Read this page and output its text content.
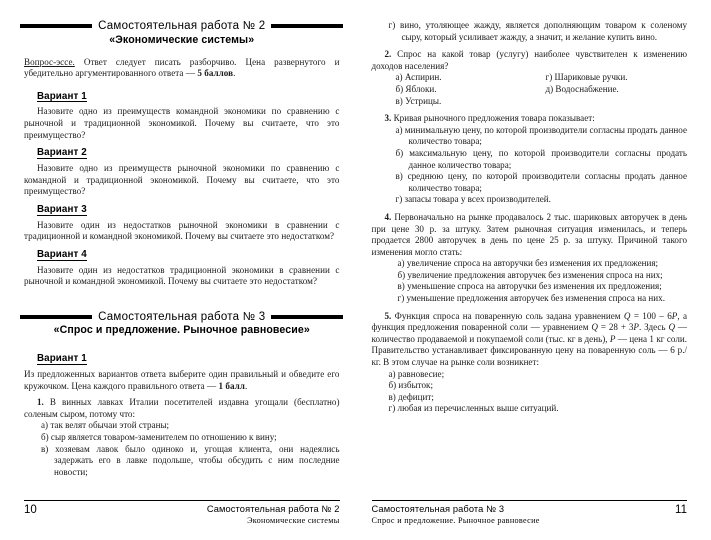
Самостоятельная работа № 2
«Экономические системы»

Вопрос-эссе. Ответ следует писать разборчиво. Цена развернутого и убедительно аргументированного ответа — 5 баллов.

Вариант 1

Назовите одно из преимуществ командной экономики по сравнению с рыночной и традиционной экономикой. Почему вы считаете, что это преимущество?

Вариант 2

Назовите одно из преимуществ рыночной экономики по сравнению с командной и традиционной экономикой. Почему вы считаете, что это преимущество?

Вариант 3

Назовите один из недостатков рыночной экономики в сравнении с традиционной и командной экономикой. Почему вы считаете это недостатком?

Вариант 4

Назовите один из недостатков традиционной экономики в сравнении с рыночной и командной экономикой. Почему вы считаете это недостатком?

Самостоятельная работа № 3
«Спрос и предложение. Рыночное равновесие»
Вариант 1

Из предложенных вариантов ответа выберите один правильный и обведите его кружочком. Цена каждого правильного ответа — 1 балл.

1. В винных лавках Италии посетителей издавна угощали (бесплатно) соленым сыром, потому что:

а) так велят обычаи этой страны;
б) сыр является товаром-заменителем по отношению к вину;
в) хозяевам лавок было одиноко и, угощая клиента, они надеялись задержать его в лавке подольше, чтобы обсудить с ним последние новости;
10	Самостоятельная работа № 2
Экономические системы
г) вино, утоляющее жажду, является дополняющим товаром к соленому сыру, который усиливает жажду, а значит, и желание купить вино.

2. Спрос на какой товар (услугу) наиболее чувствителен к изменению доходов населения?

а) Аспирин.	г) Шариковые ручки.
б) Яблоки.	д) Водоснабжение.
в) Устрицы.

3. Кривая рыночного предложения товара показывает:

а) минимальную цену, по которой производители согласны продать данное количество товара;
б) максимальную цену, по которой производители согласны продать данное количество товара;
в) среднюю цену, по которой производители согласны продать данное количество товара;
г) запасы товара у всех производителей.

4. Первоначально на рынке продавалось 2 тыс. шариковых авторучек в день при цене 30 р. за штуку. Затем рыночная ситуация изменилась, и теперь продается 2800 авторучек в день по цене 25 р. за штуку. Причиной такого изменения могло стать:

а) увеличение спроса на авторучки без изменения их предложения;
б) увеличение предложения авторучек без изменения спроса на них;
в) уменьшение спроса на авторучки без изменения их предложения;
г) уменьшение предложения авторучек без изменения спроса на них.

5. Функция спроса на поваренную соль задана уравнением Q = 100 – 6P, а функция предложения поваренной соли — уравнением Q = 28 + 3P. Здесь Q — количество продаваемой и покупаемой соли (тыс. кг в день), P — цена 1 кг соли. Правительство устанавливает фиксированную цену на поваренную соль — 6 р./кг. В этом случае на рынке соли возникнет:

а) равновесие;
б) избыток;
в) дефицит;
г) любая из перечисленных выше ситуаций.
Самостоятельная работа № 3
Спрос и предложение. Рыночное равновесие
11
